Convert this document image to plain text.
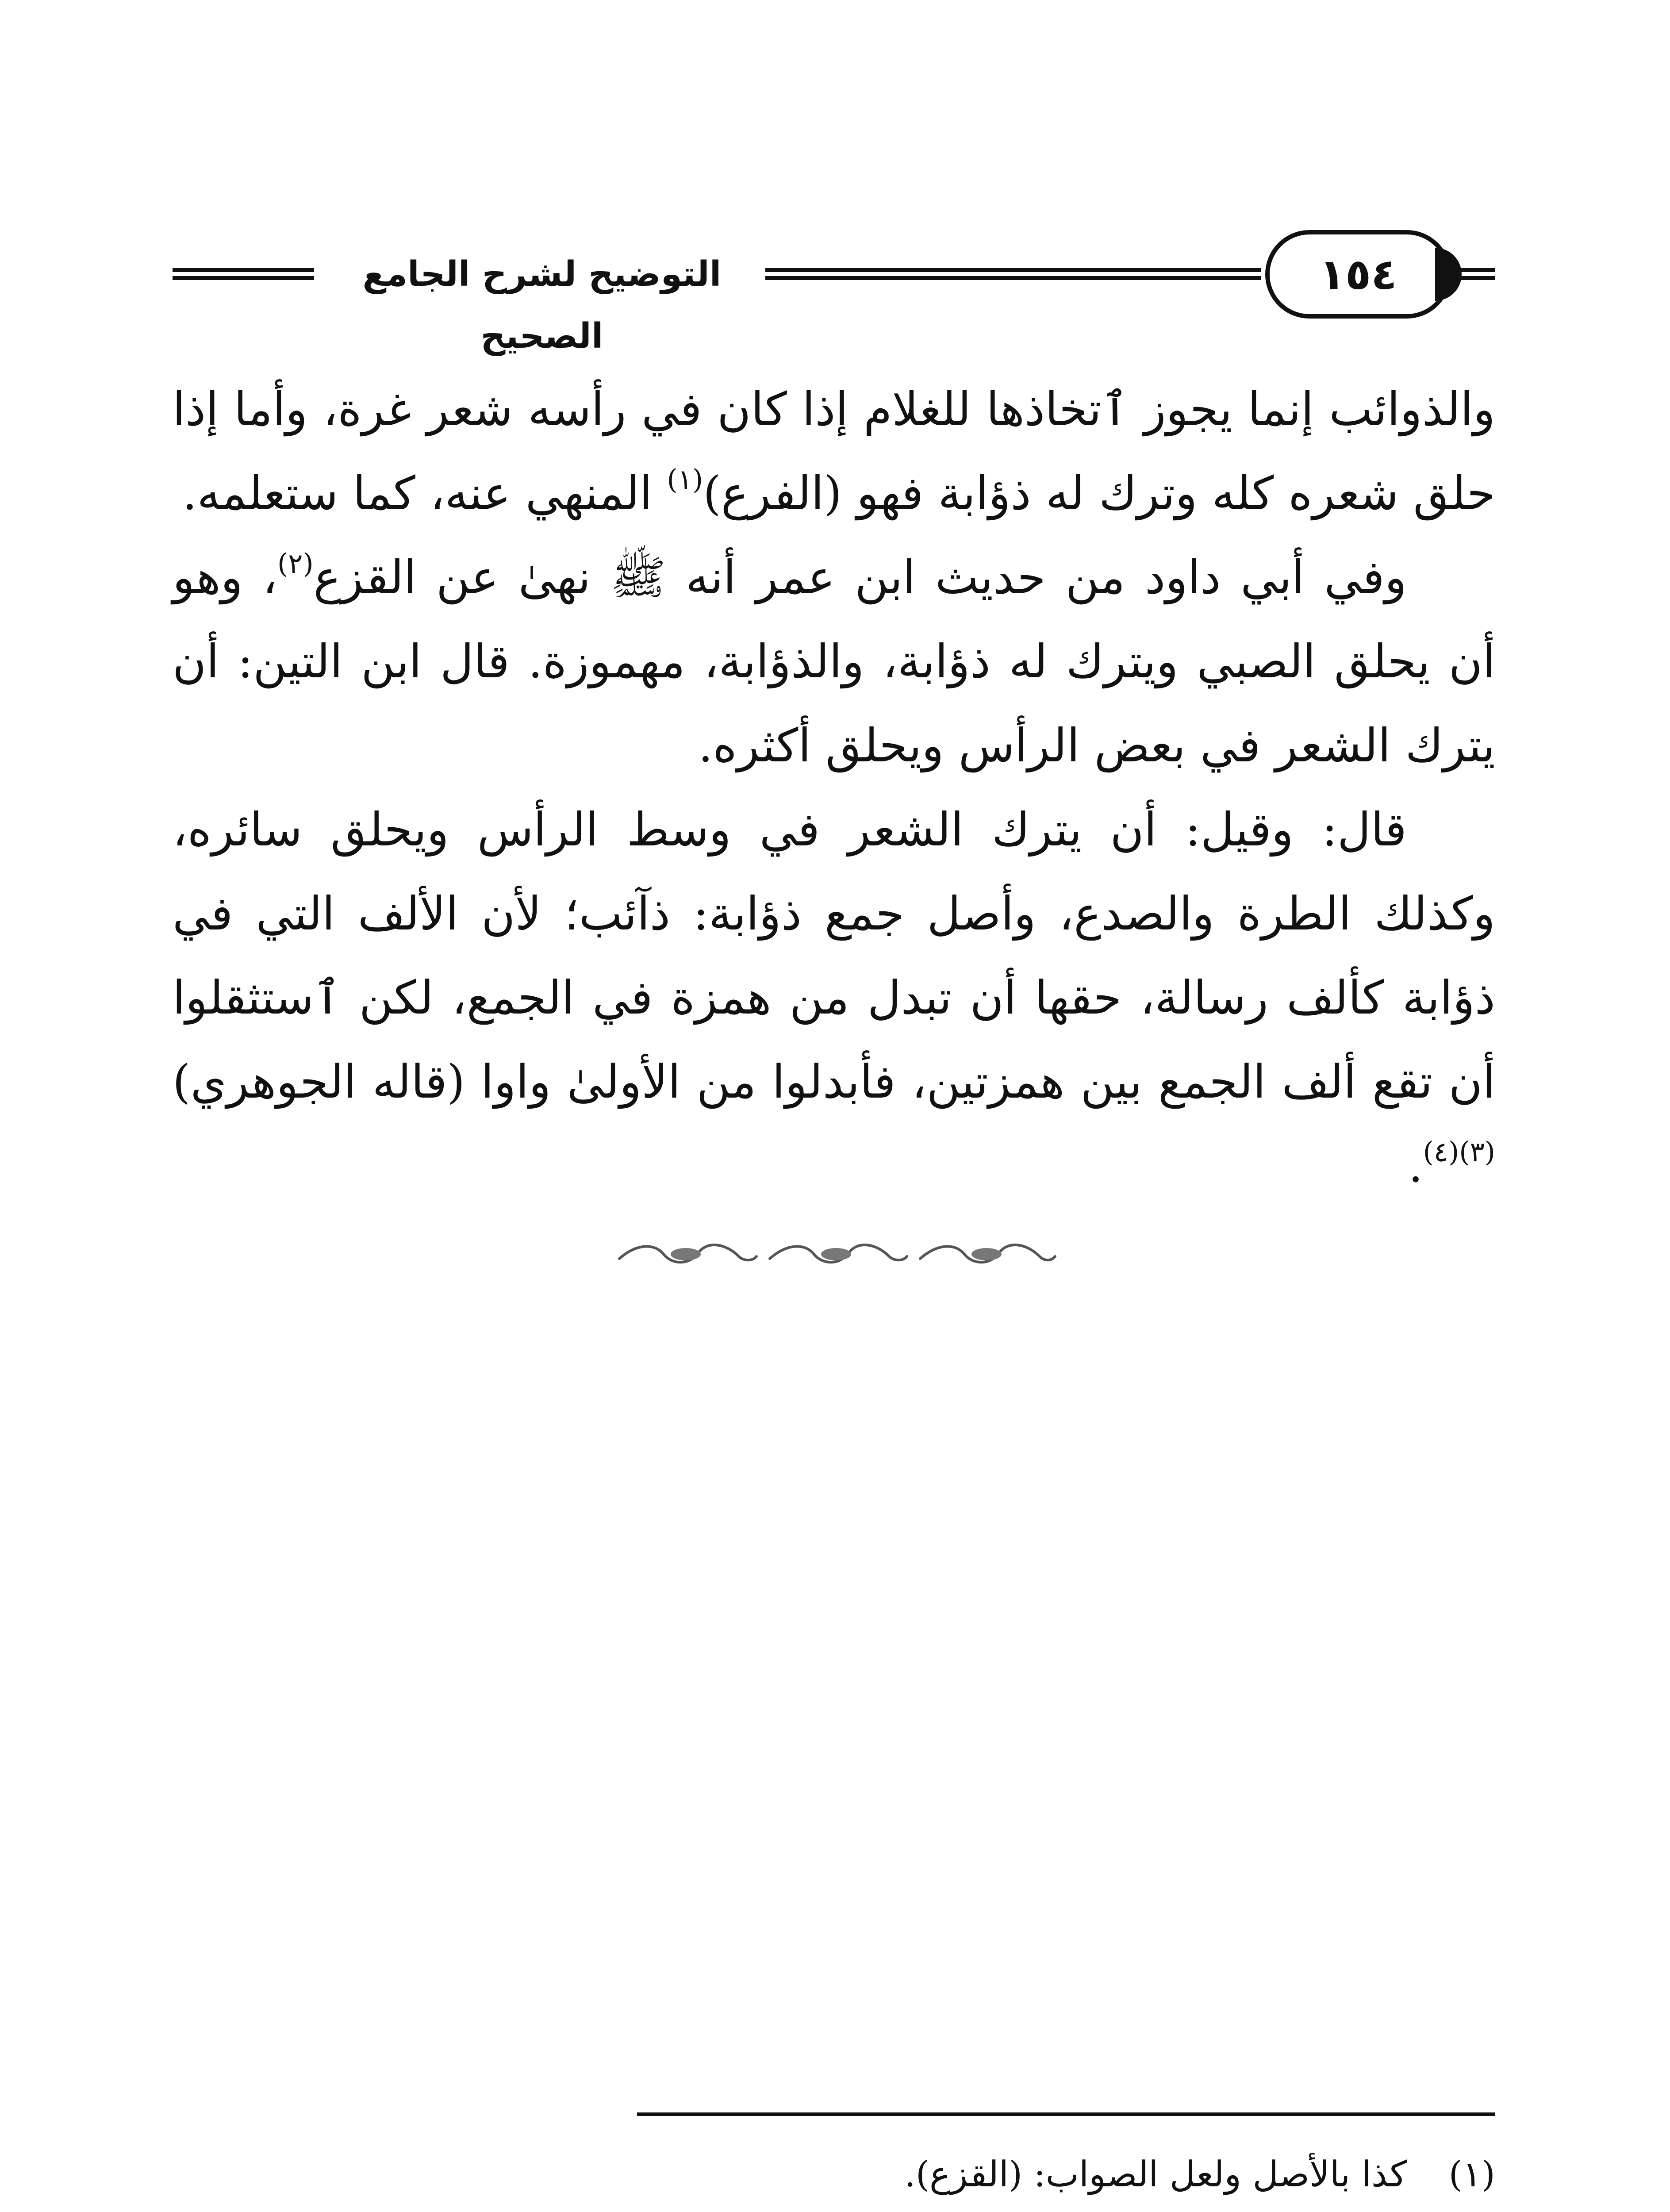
التوضيح لشرح الجامع الصحيح
١٥٤

والذوائب إنما يجوز ٱتخاذها للغلام إذا كان في رأسه شعر غرة، وأما إذا حلق شعره كله وترك له ذؤابة فهو (الفرع)$^{(١)}$ المنهي عنه، كما ستعلمه.

وفي أبي داود من حديث ابن عمر أنه ﷺ نهىٰ عن القزع$^{(٢)}$، وهو أن يحلق الصبي ويترك له ذؤابة، والذؤابة، مهموزة. قال ابن التين: أن يترك الشعر في بعض الرأس ويحلق أكثره.

قال: وقيل: أن يترك الشعر في وسط الرأس ويحلق سائره، وكذلك الطرة والصدع، وأصل جمع ذؤابة: ذآئب؛ لأن الألف التي في ذؤابة كألف رسالة، حقها أن تبدل من همزة في الجمع، لكن ٱستثقلوا أن تقع ألف الجمع بين همزتين، فأبدلوا من الأولىٰ واوا (قاله الجوهري)$^{(٣)(٤)}$.

(١)كذا بالأصل ولعل الصواب: (القزع).
